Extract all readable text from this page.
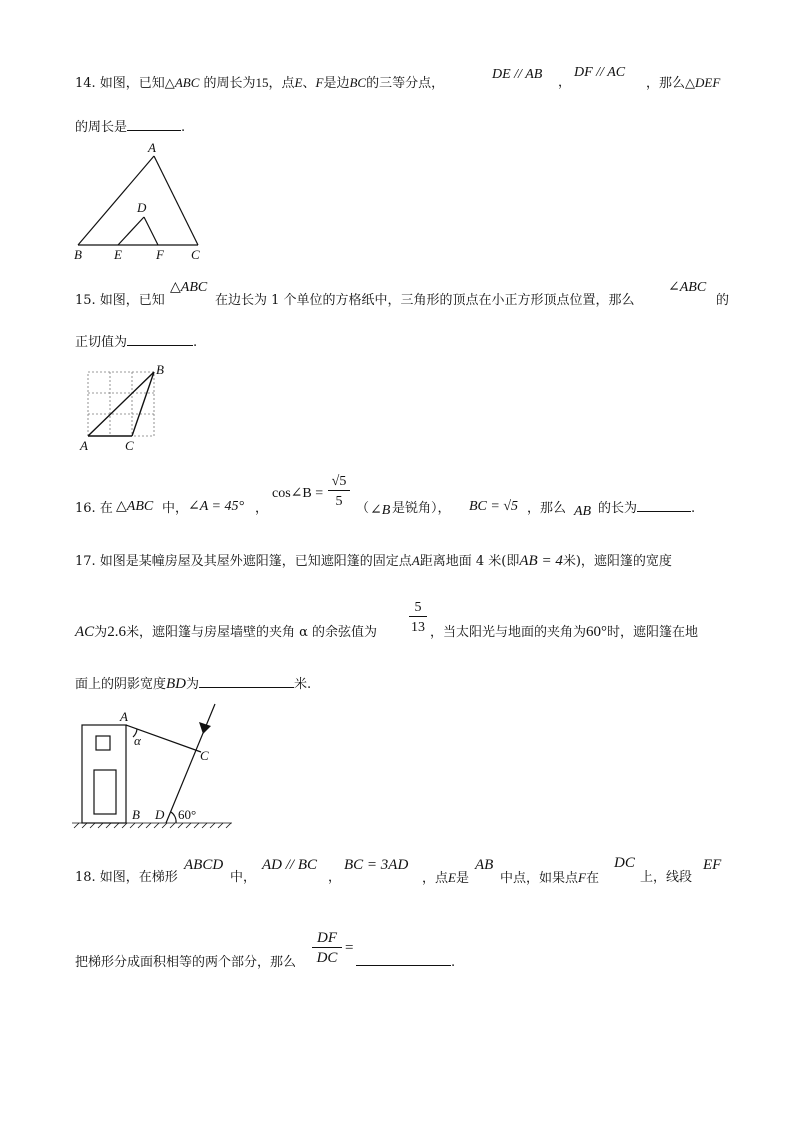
14. 如图，已知△ABC 的周长为15，点E、F是边BC的三等分点，
DE // AB
，
DF // AC
，那么△DEF
的周长是	.
A
D
B E	F C
15. 如图，已知
△ABC
在边长为 1 个单位的方格纸中，三角形的顶点在小正方形顶点位置，那么
∠ABC
的
正切值为	.
B
A	C
16. 在 △ABC 中， ∠A = 45° ，
cos∠B = $\frac{√5}{5}$ （ ∠B 是锐角）， BC = √5 ，那么 AB 的长为	.
17. 如图是某幢房屋及其屋外遮阳篷，已知遮阳篷的固定点A距离地面 4 米(即AB = 4米)，遮阳篷的宽度
AC为2.6米，遮阳篷与房屋墙壁的夹角 α 的余弦值为 $\frac{5}{13}$ ，当太阳光与地面的夹角为60°时，遮阳篷在地
面上的阴影宽度BD为	米.
A
α
C
B D 60°
18. 如图，在梯形
ABCD
中，
AD // BC
，
BC = 3AD
，点E是
AB
中点，如果点F在
DC
上，线段
EF
把梯形分成面积相等的两个部分，那么 $\frac{DF}{DC}$ =
.
